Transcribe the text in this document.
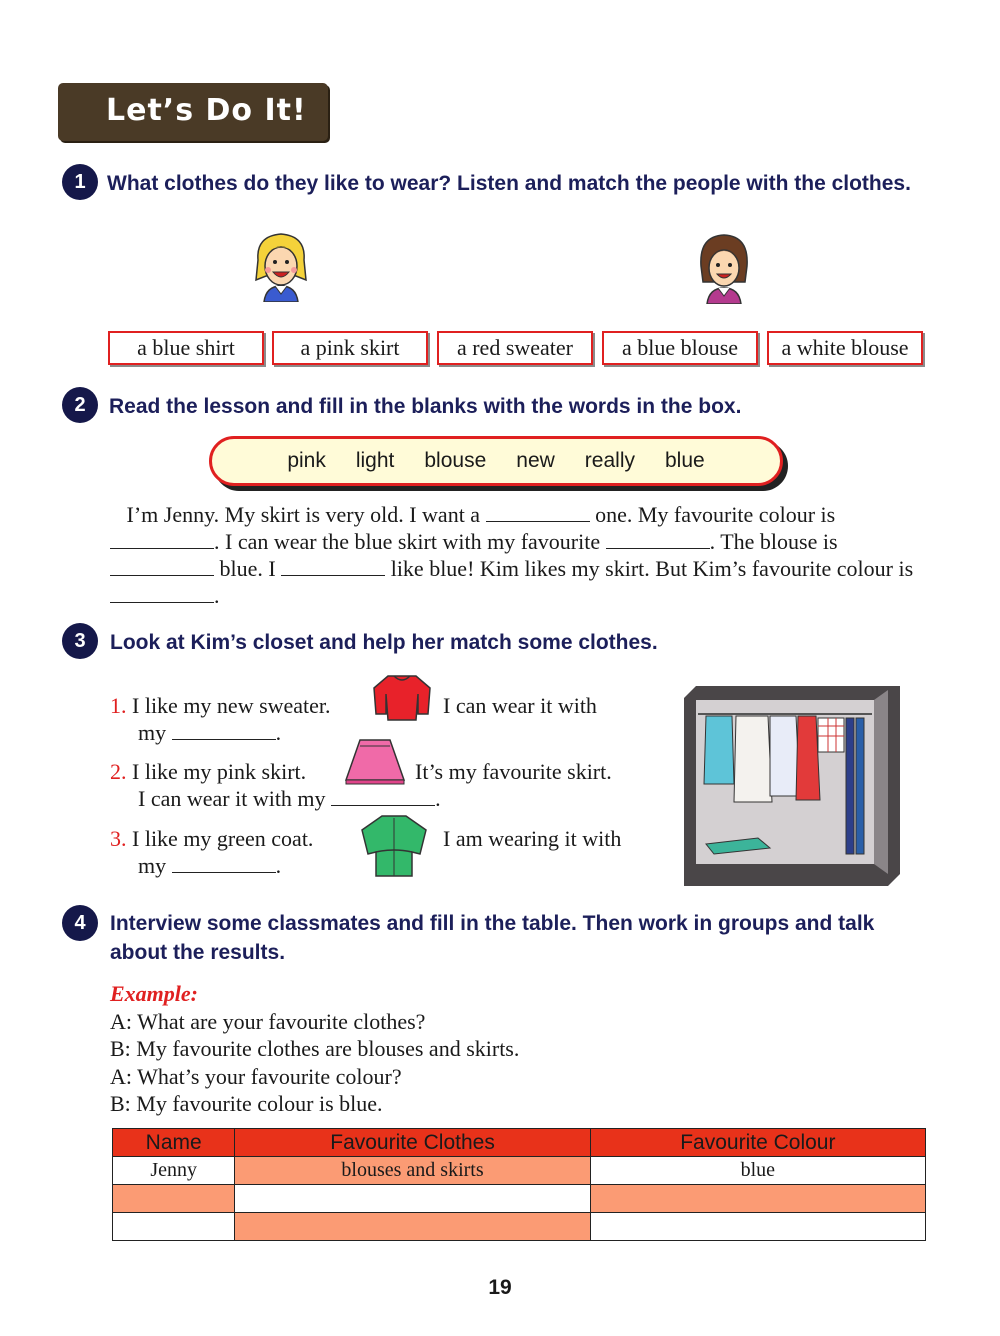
Let’s Do It!
1	What clothes do they like to wear? Listen and match the people with the clothes.
a blue shirt	a pink skirt	a red sweater	a blue blouse	a white blouse
2	Read the lesson and fill in the blanks with the words in the box.
pink light blouse new really blue
I’m Jenny. My skirt is very old. I want a	one. My favourite colour is . I can wear the blue skirt with my favourite	. The blouse is  blue. I	like blue! Kim likes my skirt. But Kim’s favourite colour is .
3	Look at Kim’s closet and help her match some clothes.
1. I like my new sweater.	I can wear it with
my	.
2. I like my pink skirt.	It’s my favourite skirt.
I can wear it with my	.
3. I like my green coat.	I am wearing it with
my	.
4	Interview some classmates and fill in the table. Then work in groups and talk about the results.
Example:
A: What are your favourite clothes?
B: My favourite clothes are blouses and skirts.
A: What’s your favourite colour?
B: My favourite colour is blue.
Name	Favourite Clothes	Favourite Colour
Jenny	blouses and skirts	blue

19
